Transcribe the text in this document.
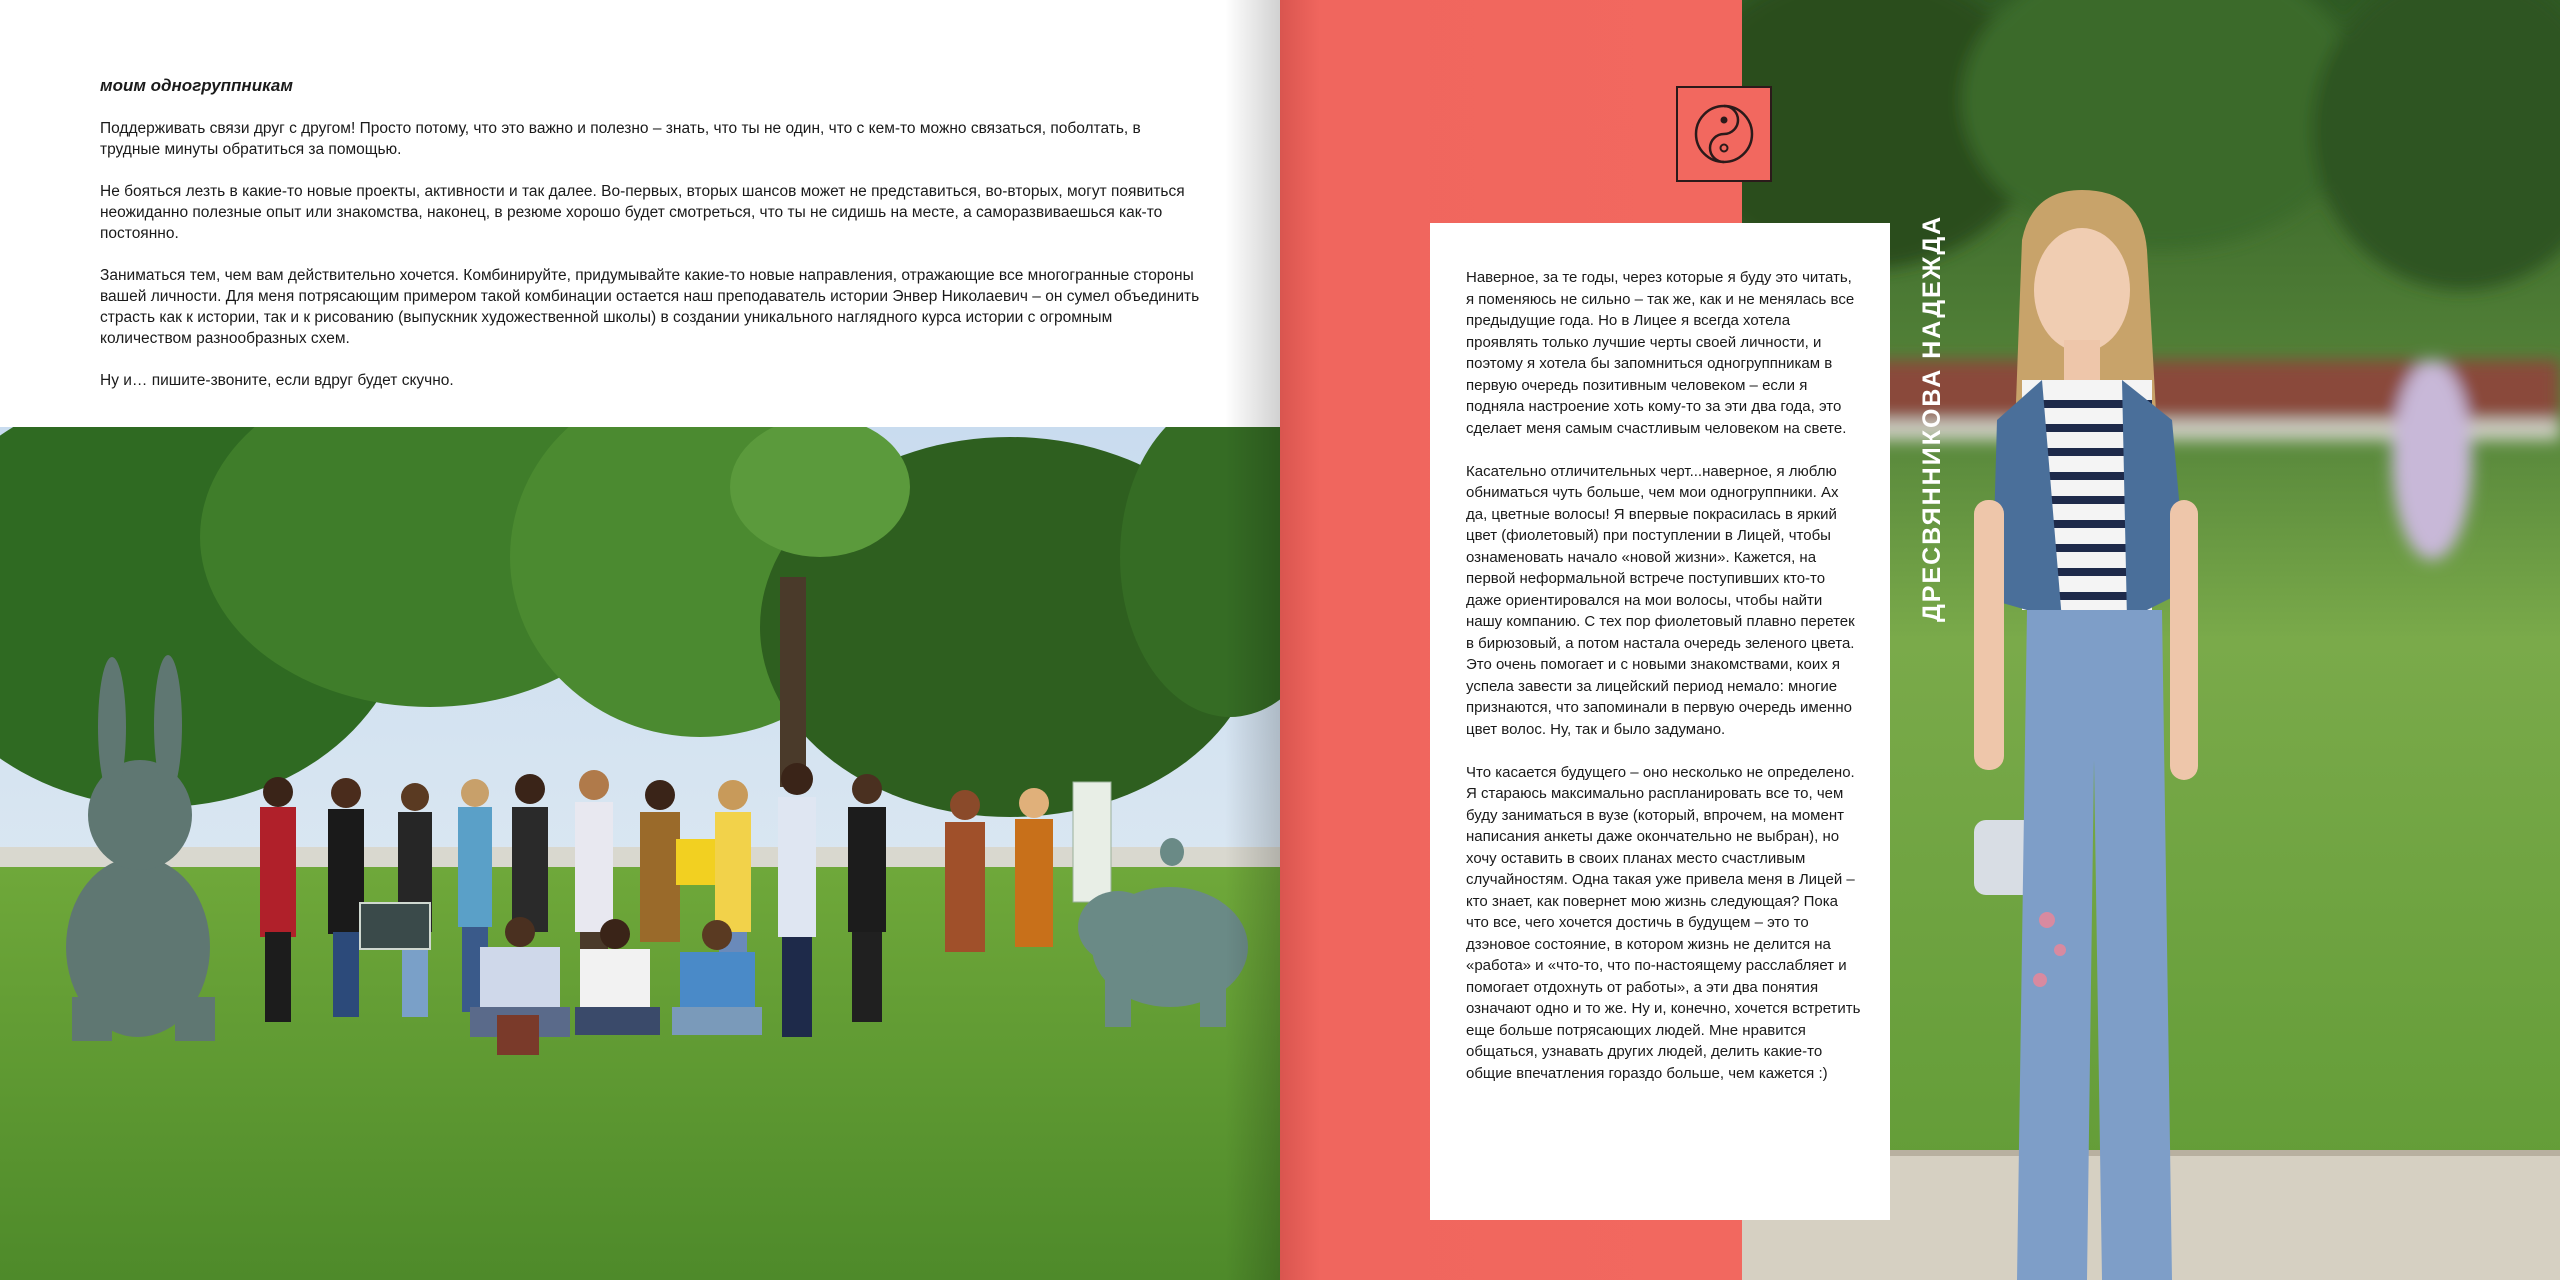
моим одногруппникам

Поддерживать связи друг с другом! Просто потому, что это важно и полезно – знать, что ты не один, что с кем-то можно связаться, поболтать, в трудные минуты обратиться за помощью.

Не бояться лезть в какие-то новые проекты, активности и так далее. Во-первых, вторых шансов может не представиться, во-вторых, могут появиться неожиданно полезные опыт или знакомства, наконец, в резюме хорошо будет смотреться, что ты не сидишь на месте, а саморазвиваешься как-то постоянно.

Заниматься тем, чем вам действительно хочется. Комбинируйте, придумывайте какие-то новые направления, отражающие все многогранные стороны вашей личности. Для меня потрясающим примером такой комбинации остается наш преподаватель истории Энвер Николаевич – он сумел объединить страсть как к истории, так и к рисованию (выпускник художественной школы) в создании уникального наглядного курса истории с огромным количеством разнообразных схем.

Ну и… пишите-звоните, если вдруг будет скучно.

Наверное, за те годы, через которые я буду это читать, я поменяюсь не сильно – так же, как и не менялась все предыдущие года. Но в Лицее я всегда хотела проявлять только лучшие черты своей личности, и поэтому я хотела бы запомниться одногруппникам в первую очередь позитивным человеком – если я подняла настроение хоть кому-то за эти два года, это сделает меня самым счастливым человеком на свете.

Касательно отличительных черт...наверное, я люблю обниматься чуть больше, чем мои одногруппники. Ах да, цветные волосы! Я впервые покрасилась в яркий цвет (фиолетовый) при поступлении в Лицей, чтобы ознаменовать начало «новой жизни». Кажется, на первой неформальной встрече поступивших кто-то даже ориентировался на мои волосы, чтобы найти нашу компанию. С тех пор фиолетовый плавно перетек в бирюзовый, а потом настала очередь зеленого цвета. Это очень помогает и с новыми знакомствами, коих я успела завести за лицейский период немало: многие признаются, что запоминали в первую очередь именно цвет волос. Ну, так и было задумано.

Что касается будущего – оно несколько не определено. Я стараюсь максимально распланировать все то, чем буду заниматься в вузе (который, впрочем, на момент написания анкеты даже окончательно не выбран), но хочу оставить в своих планах место счастливым случайностям. Одна такая уже привела меня в Лицей – кто знает, как повернет мою жизнь следующая? Пока что все, чего хочется достичь в будущем – это то дзэновое состояние, в котором жизнь не делится на «работа» и «что-то, что по-настоящему расслабляет и помогает отдохнуть от работы», а эти два понятия означают одно и то же. Ну и, конечно, хочется встретить еще больше потрясающих людей. Мне нравится общаться, узнавать других людей, делить какие-то общие впечатления гораздо больше, чем кажется :)

ДРЕСВЯННИКОВА НАДЕЖДА
